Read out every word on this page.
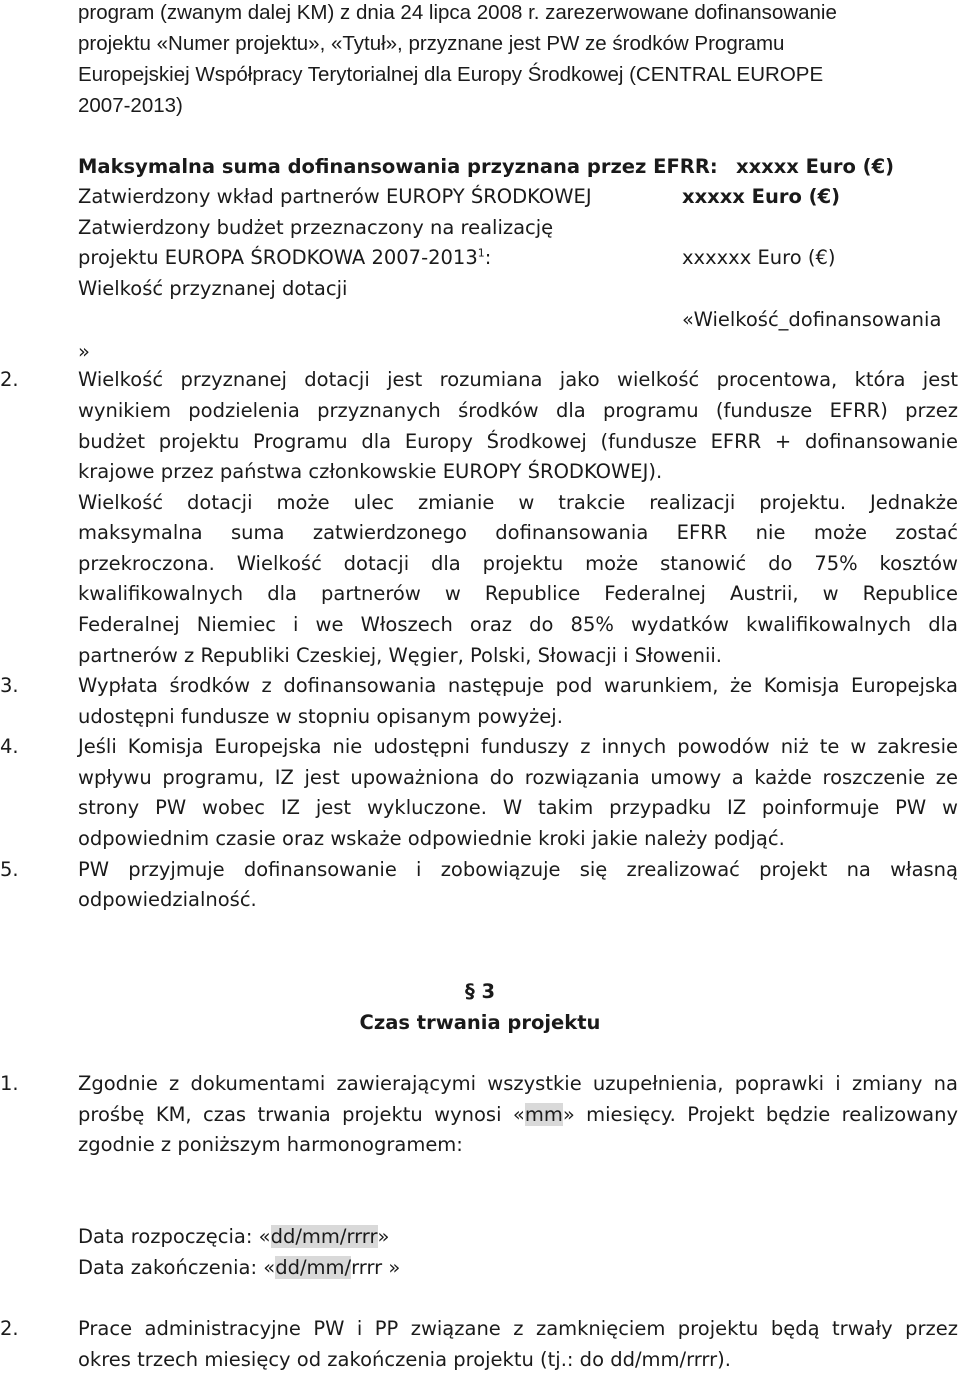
program (zwanym dalej KM) z dnia 24 lipca 2008 r. zarezerwowane dofinansowanie
projektu «Numer projektu», «Tytuł», przyznane jest PW ze środków Programu
Europejskiej Współpracy Terytorialnej dla Europy Środkowej (CENTRAL EUROPE
2007-2013)
Maksymalna suma dofinansowania przyznana przez EFRR: xxxxx Euro (€)
Zatwierdzony wkład partnerów EUROPY ŚRODKOWEJ	xxxxx Euro (€)
Zatwierdzony budżet przeznaczony na realizację
projektu EUROPA ŚRODKOWA 2007-2013$^1$:	xxxxxx Euro (€)
Wielkość przyznanej dotacji
«Wielkość_dofinansowania
»
2.	Wielkość przyznanej dotacji jest rozumiana jako wielkość procentowa, która jest
wynikiem podzielenia przyznanych środków dla programu (fundusze EFRR) przez
budżet projektu Programu dla Europy Środkowej (fundusze EFRR + dofinansowanie
krajowe przez państwa członkowskie EUROPY ŚRODKOWEJ).
Wielkość dotacji może ulec zmianie w trakcie realizacji projektu. Jednakże
maksymalna suma zatwierdzonego dofinansowania EFRR nie może zostać
przekroczona. Wielkość dotacji dla projektu może stanowić do 75% kosztów
kwalifikowalnych dla partnerów w Republice Federalnej Austrii, w Republice
Federalnej Niemiec i we Włoszech oraz do 85% wydatków kwalifikowalnych dla
partnerów z Republiki Czeskiej, Węgier, Polski, Słowacji i Słowenii.
3.	Wypłata środków z dofinansowania następuje pod warunkiem, że Komisja Europejska
udostępni fundusze w stopniu opisanym powyżej.
4.	Jeśli Komisja Europejska nie udostępni funduszy z innych powodów niż te w zakresie
wpływu programu, IZ jest upoważniona do rozwiązania umowy a każde roszczenie ze
strony PW wobec IZ jest wykluczone. W takim przypadku IZ poinformuje PW w
odpowiednim czasie oraz wskaże odpowiednie kroki jakie należy podjąć.
5.	PW przyjmuje dofinansowanie i zobowiązuje się zrealizować projekt na własną
odpowiedzialność.
§ 3
Czas trwania projektu
1.	Zgodnie z dokumentami zawierającymi wszystkie uzupełnienia, poprawki i zmiany na
prośbę KM, czas trwania projektu wynosi «mm» miesięcy. Projekt będzie realizowany
zgodnie z poniższym harmonogramem:
Data rozpoczęcia: «dd/mm/rrrr»
Data zakończenia: «dd/mm/rrrr »
2.	Prace administracyjne PW i PP związane z zamknięciem projektu będą trwały przez
okres trzech miesięcy od zakończenia projektu (tj.: do dd/mm/rrrr).
